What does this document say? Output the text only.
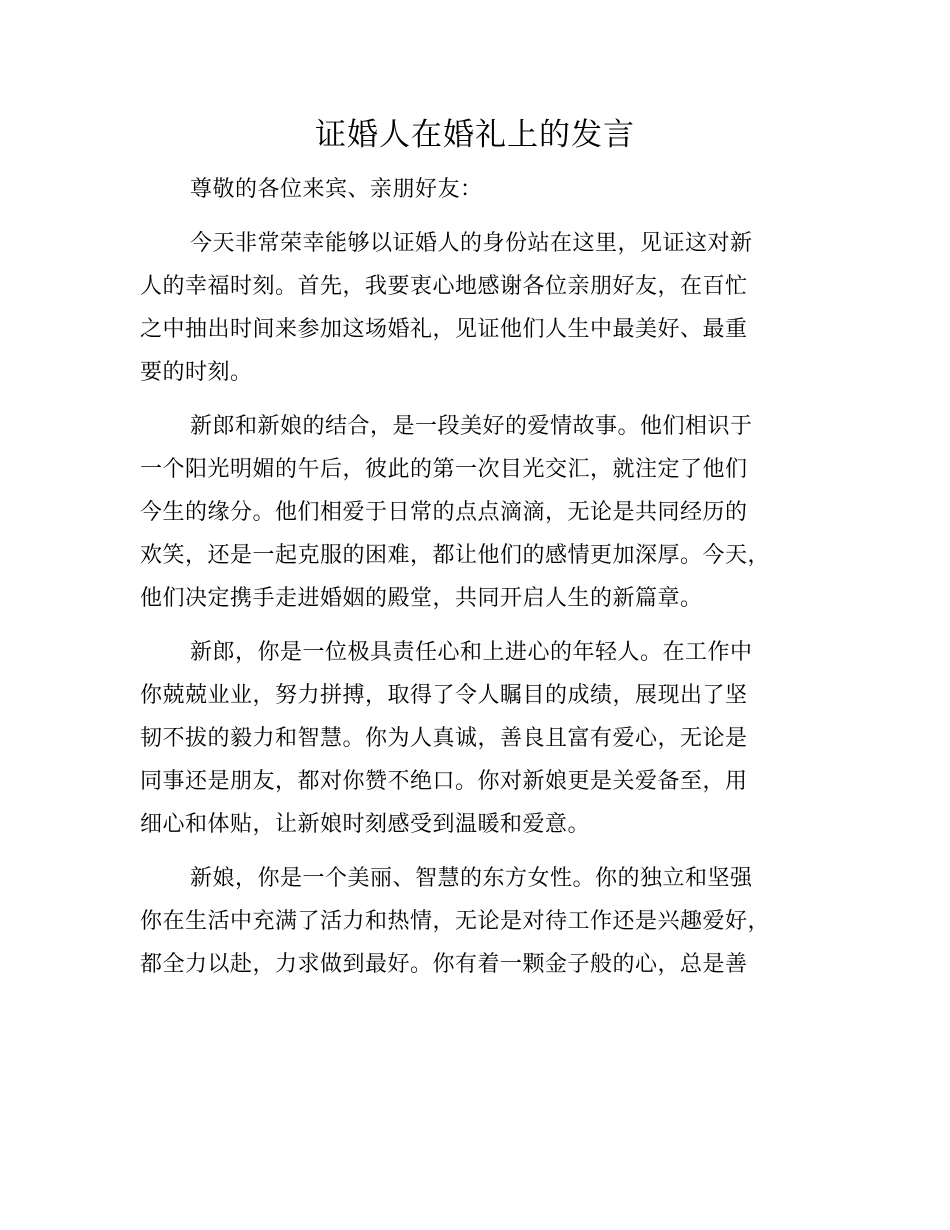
证婚人在婚礼上的发言

尊敬的各位来宾、亲朋好友：

今天非常荣幸能够以证婚人的身份站在这里，见证这对新

人的幸福时刻。首先，我要衷心地感谢各位亲朋好友，在百忙

之中抽出时间来参加这场婚礼，见证他们人生中最美好、最重

要的时刻。

新郎和新娘的结合，是一段美好的爱情故事。他们相识于

一个阳光明媚的午后，彼此的第一次目光交汇，就注定了他们

今生的缘分。他们相爱于日常的点点滴滴，无论是共同经历的

欢笑，还是一起克服的困难，都让他们的感情更加深厚。今天，

他们决定携手走进婚姻的殿堂，共同开启人生的新篇章。

新郎，你是一位极具责任心和上进心的年轻人。在工作中

你兢兢业业，努力拼搏，取得了令人瞩目的成绩，展现出了坚

韧不拔的毅力和智慧。你为人真诚，善良且富有爱心，无论是

同事还是朋友，都对你赞不绝口。你对新娘更是关爱备至，用

细心和体贴，让新娘时刻感受到温暖和爱意。

新娘，你是一个美丽、智慧的东方女性。你的独立和坚强

你在生活中充满了活力和热情，无论是对待工作还是兴趣爱好，

都全力以赴，力求做到最好。你有着一颗金子般的心，总是善
